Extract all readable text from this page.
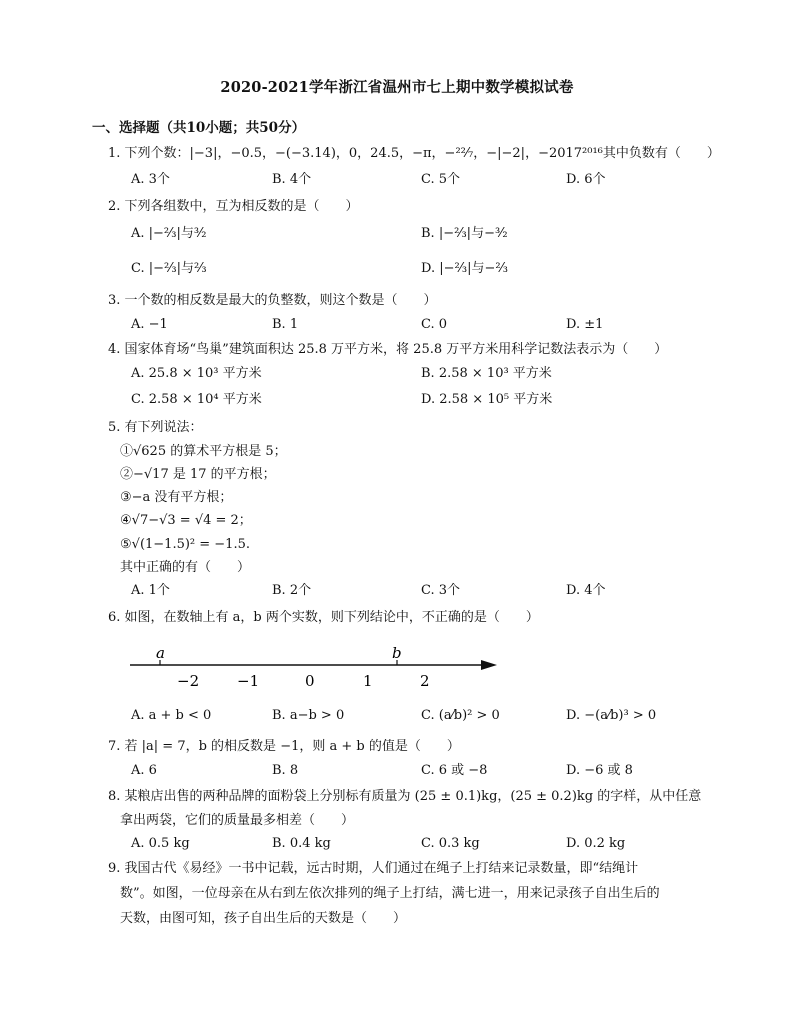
2020-2021学年浙江省温州市七上期中数学模拟试卷
一、选择题（共10小题；共50分）
1. 下列个数：|−3|，−0.5，−(−3.14)，0，24.5，−π，−²²⁄₇，−|−2|，−2017²⁰¹⁶其中负数有（　　）
A. 3个	B. 4个	C. 5个	D. 6个
2. 下列各组数中，互为相反数的是（　　）
A. |−²⁄₃|与³⁄₂	B. |−²⁄₃|与−³⁄₂
C. |−²⁄₃|与²⁄₃	D. |−²⁄₃|与−²⁄₃
3. 一个数的相反数是最大的负整数，则这个数是（　　）
A. −1	B. 1	C. 0	D. ±1
4. 国家体育场“鸟巢”建筑面积达 25.8 万平方米，将 25.8 万平方米用科学记数法表示为（　　）
A. 25.8 × 10³ 平方米	B. 2.58 × 10³ 平方米
C. 2.58 × 10⁴ 平方米	D. 2.58 × 10⁵ 平方米
5. 有下列说法：
①√625 的算术平方根是 5；
②−√17 是 17 的平方根；
③−a 没有平方根；
④√7−√3 = √4 = 2；
⑤√(1−1.5)² = −1.5.
其中正确的有（　　）
A. 1个	B. 2个	C. 3个	D. 4个
6. 如图，在数轴上有 a，b 两个实数，则下列结论中，不正确的是（　　）
a	b
−2	−1	0	1	2
A. a + b < 0	B. a−b > 0	C. (a⁄b)² > 0	D. −(a⁄b)³ > 0
7. 若 |a| = 7，b 的相反数是 −1，则 a + b 的值是（　　）
A. 6	B. 8	C. 6 或 −8	D. −6 或 8
8. 某粮店出售的两种品牌的面粉袋上分别标有质量为 (25 ± 0.1)kg，(25 ± 0.2)kg 的字样，从中任意
拿出两袋，它们的质量最多相差（　　）
A. 0.5 kg	B. 0.4 kg	C. 0.3 kg	D. 0.2 kg
9. 我国古代《易经》一书中记载，远古时期，人们通过在绳子上打结来记录数量，即“结绳计
数”。如图，一位母亲在从右到左依次排列的绳子上打结，满七进一，用来记录孩子自出生后的
天数，由图可知，孩子自出生后的天数是（　　）
